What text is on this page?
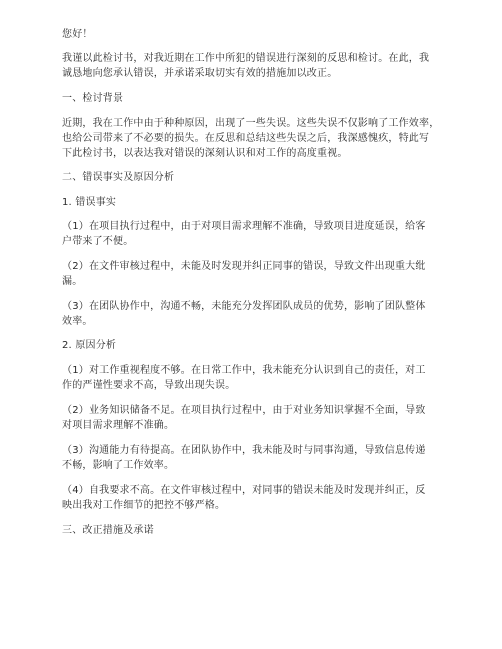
您好！
我谨以此检讨书，对我近期在工作中所犯的错误进行深刻的反思和检讨。在此，我
诚恳地向您承认错误，并承诺采取切实有效的措施加以改正。
一、检讨背景
近期，我在工作中由于种种原因，出现了一些失误。这些失误不仅影响了工作效率，
也给公司带来了不必要的损失。在反思和总结这些失误之后，我深感愧疚，特此写
下此检讨书，以表达我对错误的深刻认识和对工作的高度重视。
二、错误事实及原因分析
1. 错误事实
（1）在项目执行过程中，由于对项目需求理解不准确，导致项目进度延误，给客
户带来了不便。
（2）在文件审核过程中，未能及时发现并纠正同事的错误，导致文件出现重大纰
漏。
（3）在团队协作中，沟通不畅，未能充分发挥团队成员的优势，影响了团队整体
效率。
2. 原因分析
（1）对工作重视程度不够。在日常工作中，我未能充分认识到自己的责任，对工
作的严谨性要求不高，导致出现失误。
（2）业务知识储备不足。在项目执行过程中，由于对业务知识掌握不全面，导致
对项目需求理解不准确。
（3）沟通能力有待提高。在团队协作中，我未能及时与同事沟通，导致信息传递
不畅，影响了工作效率。
（4）自我要求不高。在文件审核过程中，对同事的错误未能及时发现并纠正，反
映出我对工作细节的把控不够严格。
三、改正措施及承诺
